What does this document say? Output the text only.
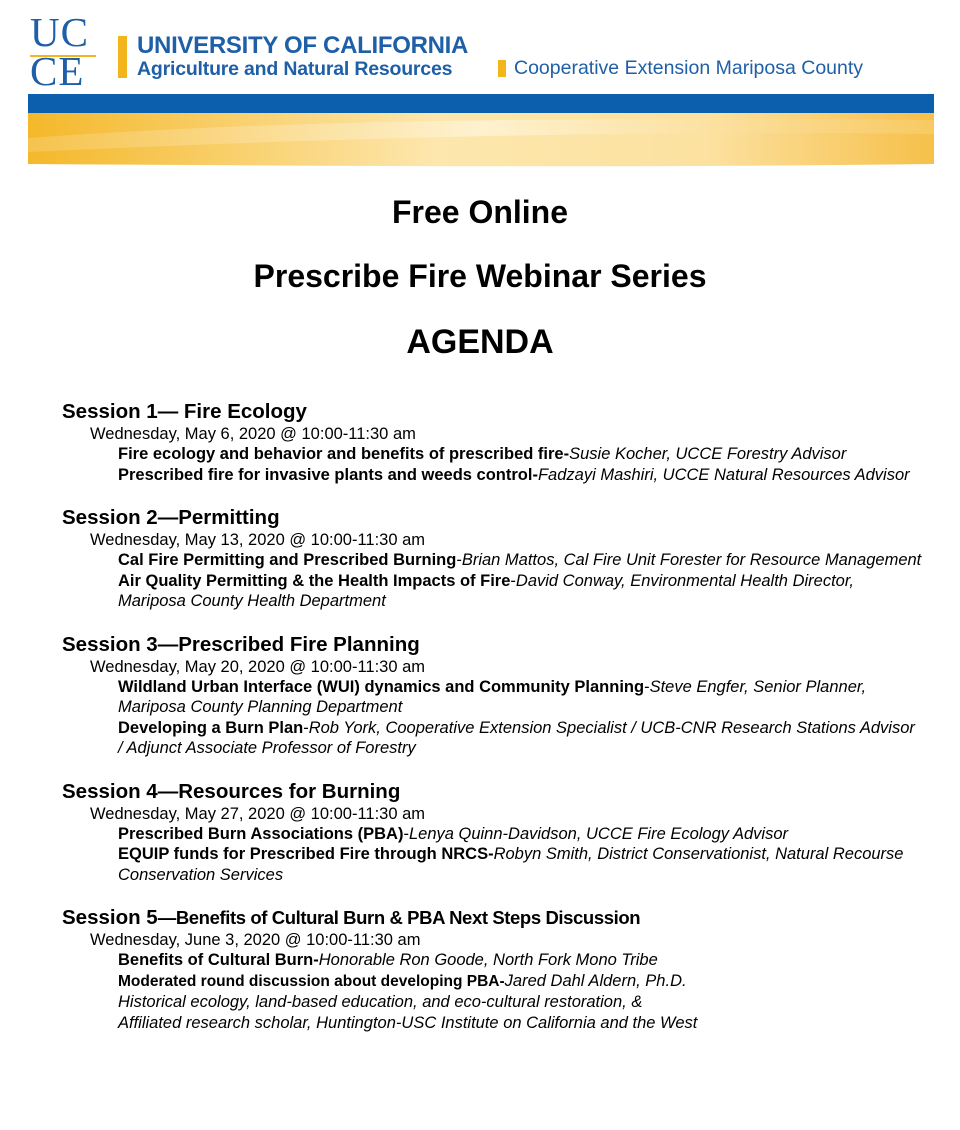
UC
CE
UNIVERSITY OF CALIFORNIA
Agriculture and Natural Resources	Cooperative Extension Mariposa County
Free Online
Prescribe Fire Webinar Series
AGENDA
Session 1— Fire Ecology
Wednesday, May 6, 2020 @ 10:00-11:30 am
Fire ecology and behavior and benefits of prescribed fire-Susie Kocher, UCCE Forestry Advisor
Prescribed fire for invasive plants and weeds control-Fadzayi Mashiri, UCCE Natural Resources Advisor
Session 2—Permitting
Wednesday, May 13, 2020 @ 10:00-11:30 am
Cal Fire Permitting and Prescribed Burning-Brian Mattos, Cal Fire Unit Forester for Resource Management
Air Quality Permitting & the Health Impacts of Fire-David Conway, Environmental Health Director, Mariposa County Health Department
Session 3—Prescribed Fire Planning
Wednesday, May 20, 2020 @ 10:00-11:30 am
Wildland Urban Interface (WUI) dynamics and Community Planning-Steve Engfer, Senior Planner, Mariposa County Planning Department
Developing a Burn Plan-Rob York, Cooperative Extension Specialist / UCB-CNR Research Stations Advisor / Adjunct Associate Professor of Forestry
Session 4—Resources for Burning
Wednesday, May 27, 2020 @ 10:00-11:30 am
Prescribed Burn Associations (PBA)-Lenya Quinn-Davidson, UCCE Fire Ecology Advisor
EQUIP funds for Prescribed Fire through NRCS-Robyn Smith, District Conservationist, Natural Recourse Conservation Services
Session 5—Benefits of Cultural Burn & PBA Next Steps Discussion
Wednesday, June 3, 2020 @ 10:00-11:30 am
Benefits of Cultural Burn-Honorable Ron Goode, North Fork Mono Tribe
Moderated round discussion about developing PBA-Jared Dahl Aldern, Ph.D.
Historical ecology, land-based education, and eco-cultural restoration, &
Affiliated research scholar, Huntington-USC Institute on California and the West
